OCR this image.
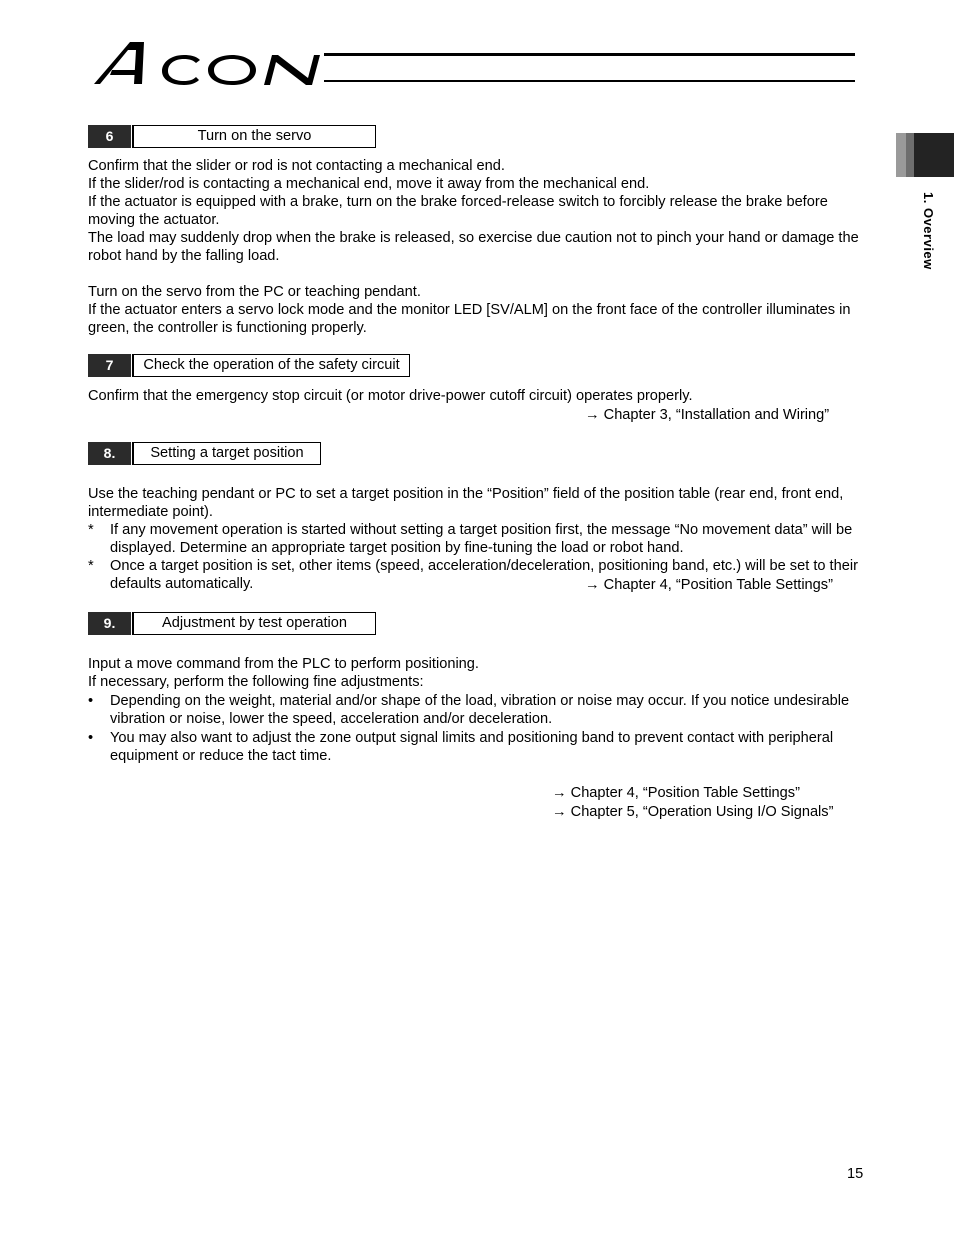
1. Overview
6	Turn on the servo

Confirm that the slider or rod is not contacting a mechanical end.

If the slider/rod is contacting a mechanical end, move it away from the mechanical end.

If the actuator is equipped with a brake, turn on the brake forced-release switch to forcibly release the brake before moving the actuator.

The load may suddenly drop when the brake is released, so exercise due caution not to pinch your hand or damage the robot hand by the falling load.

Turn on the servo from the PC or teaching pendant.

If the actuator enters a servo lock mode and the monitor LED [SV/ALM] on the front face of the controller illuminates in green, the controller is functioning properly.

7	Check the operation of the safety circuit

Confirm that the emergency stop circuit (or motor drive-power cutoff circuit) operates properly.

→ Chapter 3, “Installation and Wiring”
8.	Setting a target position

Use the teaching pendant or PC to set a target position in the “Position” field of the position table (rear end, front end, intermediate point).

*	If any movement operation is started without setting a target position first, the message “No movement data” will be displayed. Determine an appropriate target position by fine-tuning the load or robot hand.
*	Once a target position is set, other items (speed, acceleration/deceleration, positioning band, etc.) will be set to their defaults automatically.	→ Chapter 4, “Position Table Settings”
9.	Adjustment by test operation

Input a move command from the PLC to perform positioning.

If necessary, perform the following fine adjustments:

•	Depending on the weight, material and/or shape of the load, vibration or noise may occur. If you notice undesirable vibration or noise, lower the speed, acceleration and/or deceleration.
•	You may also want to adjust the zone output signal limits and positioning band to prevent contact with peripheral equipment or reduce the tact time.
→ Chapter 4, “Position Table Settings”
→ Chapter 5, “Operation Using I/O Signals”
15
